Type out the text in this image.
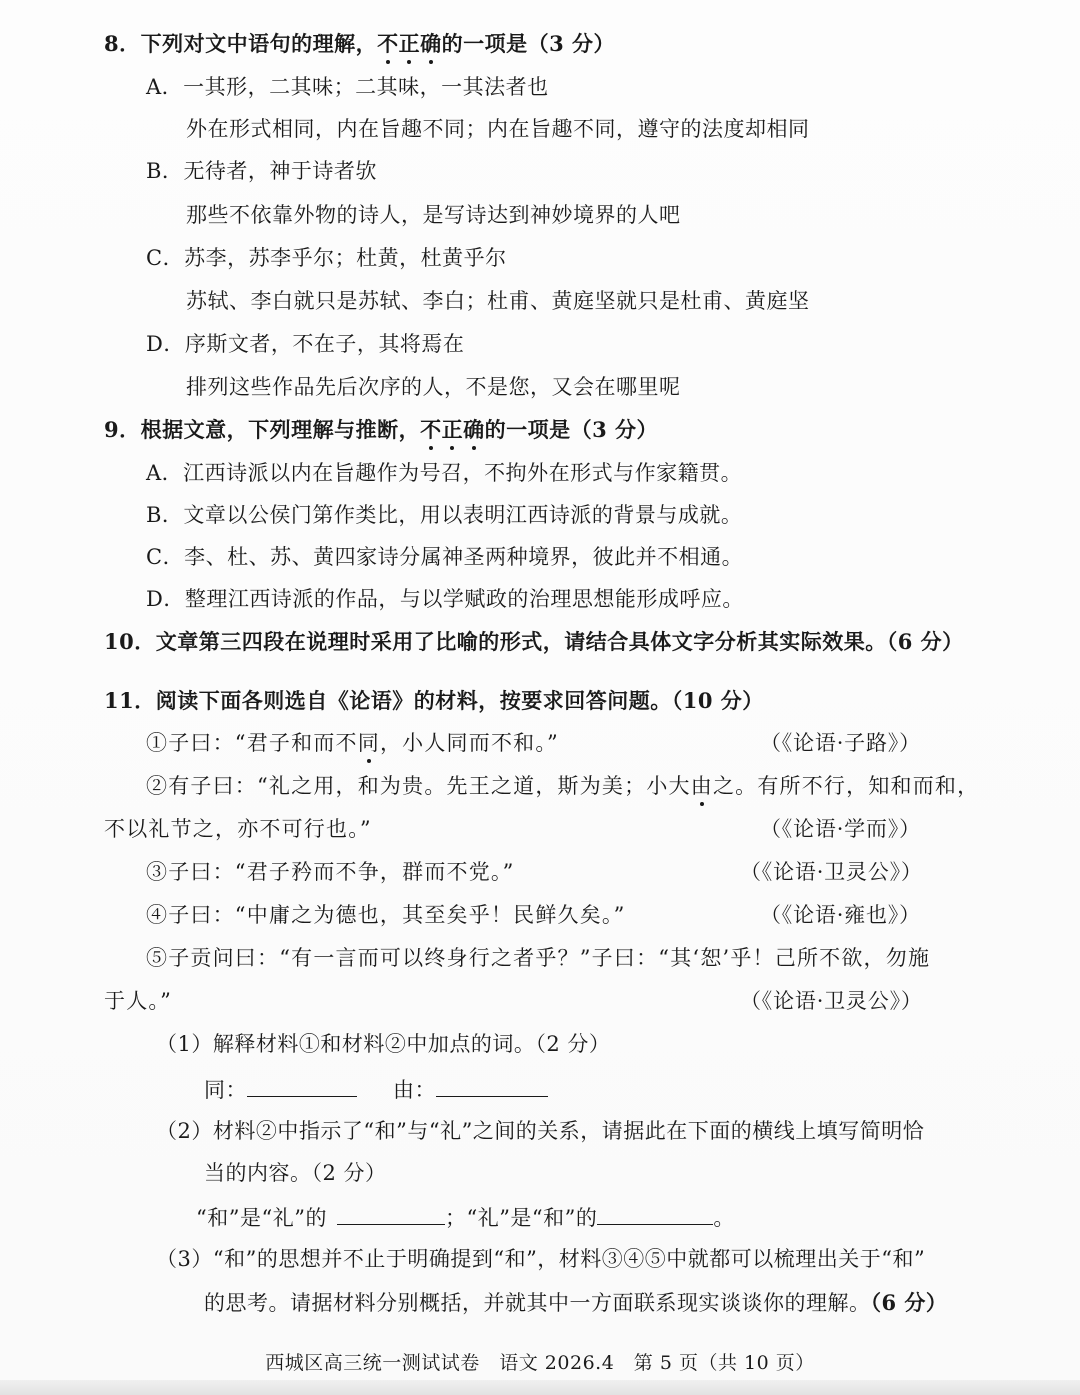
8．下列对文中语句的理解，不正确的一项是（3 分）
A．一其形，二其味；二其味，一其法者也
外在形式相同，内在旨趣不同；内在旨趣不同，遵守的法度却相同
B．无待者，神于诗者欤
那些不依靠外物的诗人，是写诗达到神妙境界的人吧
C．苏李，苏李乎尔；杜黄，杜黄乎尔
苏轼、李白就只是苏轼、李白；杜甫、黄庭坚就只是杜甫、黄庭坚
D．序斯文者，不在子，其将焉在
排列这些作品先后次序的人，不是您，又会在哪里呢
9．根据文意，下列理解与推断，不正确的一项是（3 分）
A．江西诗派以内在旨趣作为号召，不拘外在形式与作家籍贯。
B．文章以公侯门第作类比，用以表明江西诗派的背景与成就。
C．李、杜、苏、黄四家诗分属神圣两种境界，彼此并不相通。
D．整理江西诗派的作品，与以学赋政的治理思想能形成呼应。
10．文章第三四段在说理时采用了比喻的形式，请结合具体文字分析其实际效果。（6 分）
11．阅读下面各则选自《论语》的材料，按要求回答问题。（10 分）
①子曰：“君子和而不同，小人同而不和。”	（《论语·子路》）
②有子曰：“礼之用，和为贵。先王之道，斯为美；小大由之。有所不行，知和而和，
不以礼节之，亦不可行也。”	（《论语·学而》）
③子曰：“君子矜而不争，群而不党。”	（《论语·卫灵公》）
④子曰：“中庸之为德也，其至矣乎！民鲜久矣。”	（《论语·雍也》）
⑤子贡问曰：“有一言而可以终身行之者乎？”子曰：“其‘恕’乎！己所不欲，勿施
于人。”	（《论语·卫灵公》）
（1）解释材料①和材料②中加点的词。（2 分）
同：	由：
（2）材料②中指示了“和”与“礼”之间的关系，请据此在下面的横线上填写简明恰
当的内容。（2 分）
“和”是“礼”的	；“礼”是“和”的	。
（3）“和”的思想并不止于明确提到“和”，材料③④⑤中就都可以梳理出关于“和”
的思考。请据材料分别概括，并就其中一方面联系现实谈谈你的理解。（6 分）
西城区高三统一测试试卷　语文 2026.4　第 5 页（共 10 页）
